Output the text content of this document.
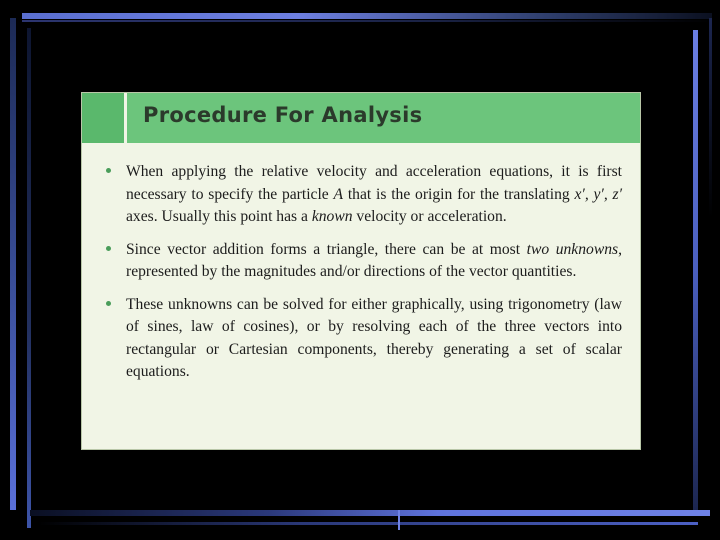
Procedure For Analysis
When applying the relative velocity and acceleration equations, it is first necessary to specify the particle A that is the origin for the translating x′, y′, z′ axes. Usually this point has a known velocity or acceleration.
Since vector addition forms a triangle, there can be at most two unknowns, represented by the magnitudes and/or directions of the vector quantities.
These unknowns can be solved for either graphically, using trigonometry (law of sines, law of cosines), or by resolving each of the three vectors into rectangular or Cartesian components, thereby generating a set of scalar equations.
